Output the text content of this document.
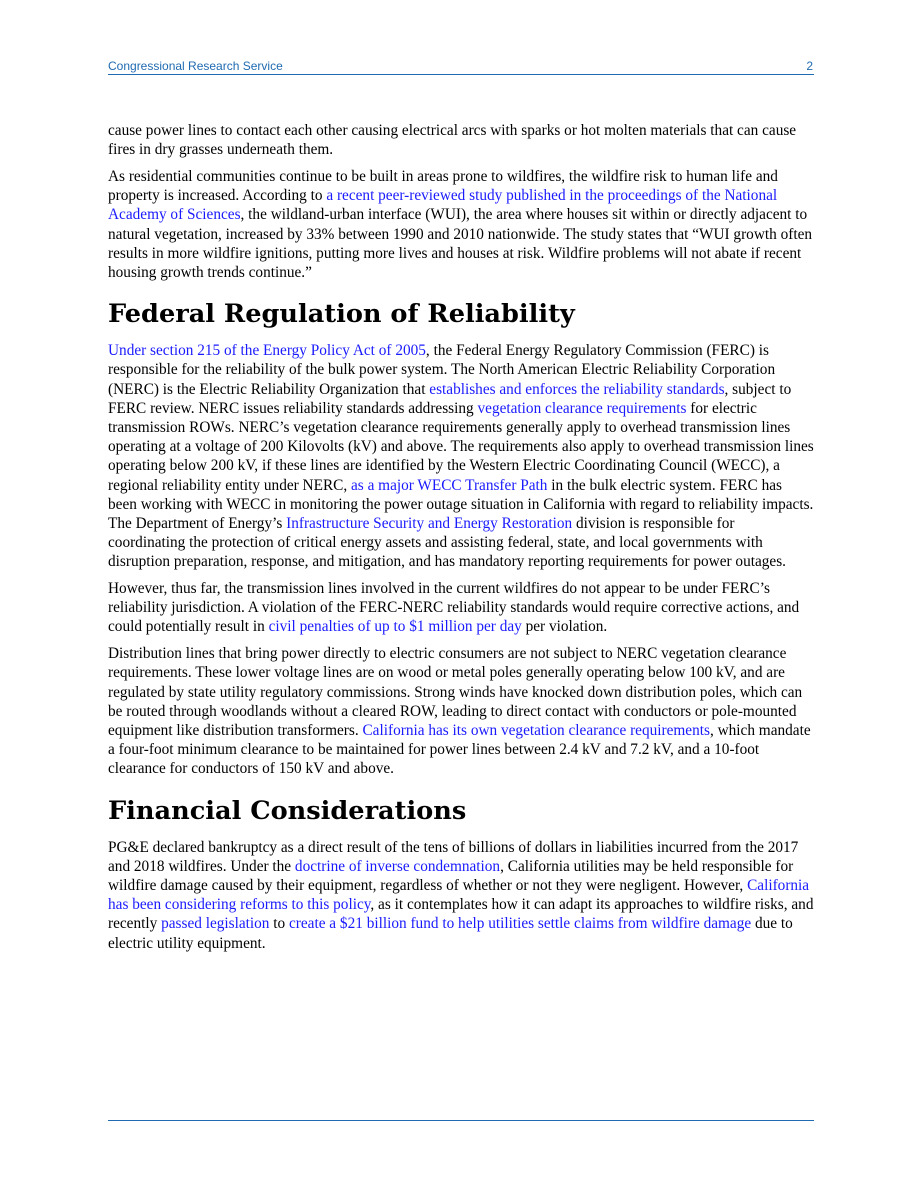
Congressional Research Service	2

cause power lines to contact each other causing electrical arcs with sparks or hot molten materials that can cause fires in dry grasses underneath them.

As residential communities continue to be built in areas prone to wildfires, the wildfire risk to human life and property is increased. According to a recent peer-reviewed study published in the proceedings of the National Academy of Sciences, the wildland-urban interface (WUI), the area where houses sit within or directly adjacent to natural vegetation, increased by 33% between 1990 and 2010 nationwide. The study states that “WUI growth often results in more wildfire ignitions, putting more lives and houses at risk. Wildfire problems will not abate if recent housing growth trends continue.”

Federal Regulation of Reliability

Under section 215 of the Energy Policy Act of 2005, the Federal Energy Regulatory Commission (FERC) is responsible for the reliability of the bulk power system. The North American Electric Reliability Corporation (NERC) is the Electric Reliability Organization that establishes and enforces the reliability standards, subject to FERC review. NERC issues reliability standards addressing vegetation clearance requirements for electric transmission ROWs. NERC’s vegetation clearance requirements generally apply to overhead transmission lines operating at a voltage of 200 Kilovolts (kV) and above. The requirements also apply to overhead transmission lines operating below 200 kV, if these lines are identified by the Western Electric Coordinating Council (WECC), a regional reliability entity under NERC, as a major WECC Transfer Path in the bulk electric system. FERC has been working with WECC in monitoring the power outage situation in California with regard to reliability impacts. The Department of Energy’s Infrastructure Security and Energy Restoration division is responsible for coordinating the protection of critical energy assets and assisting federal, state, and local governments with disruption preparation, response, and mitigation, and has mandatory reporting requirements for power outages.

However, thus far, the transmission lines involved in the current wildfires do not appear to be under FERC’s reliability jurisdiction. A violation of the FERC-NERC reliability standards would require corrective actions, and could potentially result in civil penalties of up to $1 million per day per violation.

Distribution lines that bring power directly to electric consumers are not subject to NERC vegetation clearance requirements. These lower voltage lines are on wood or metal poles generally operating below 100 kV, and are regulated by state utility regulatory commissions. Strong winds have knocked down distribution poles, which can be routed through woodlands without a cleared ROW, leading to direct contact with conductors or pole-mounted equipment like distribution transformers. California has its own vegetation clearance requirements, which mandate a four-foot minimum clearance to be maintained for power lines between 2.4 kV and 7.2 kV, and a 10-foot clearance for conductors of 150 kV and above.

Financial Considerations

PG&E declared bankruptcy as a direct result of the tens of billions of dollars in liabilities incurred from the 2017 and 2018 wildfires. Under the doctrine of inverse condemnation, California utilities may be held responsible for wildfire damage caused by their equipment, regardless of whether or not they were negligent. However, California has been considering reforms to this policy, as it contemplates how it can adapt its approaches to wildfire risks, and recently passed legislation to create a $21 billion fund to help utilities settle claims from wildfire damage due to electric utility equipment.
